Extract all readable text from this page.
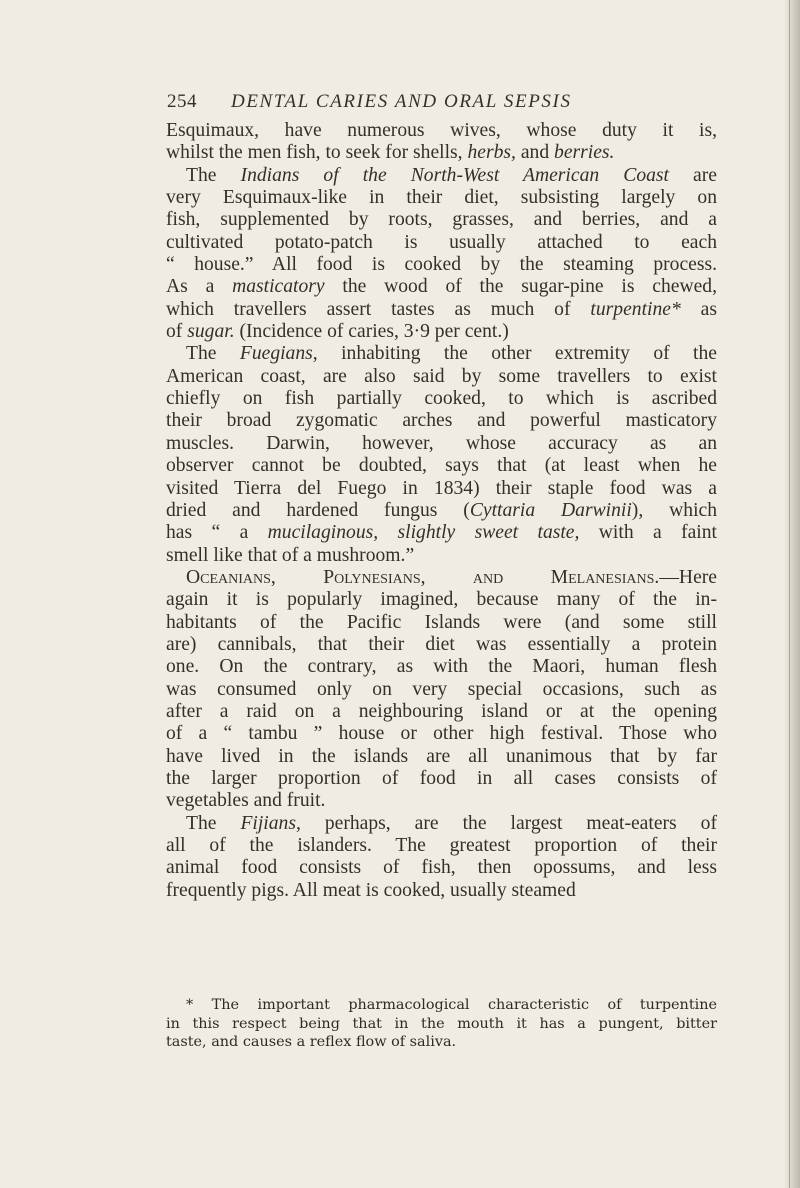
254 DENTAL CARIES AND ORAL SEPSIS
Esquimaux, have numerous wives, whose duty it is,
whilst the men fish, to seek for shells, herbs, and berries.
The Indians of the North-West American Coast are
very Esquimaux-like in their diet, subsisting largely on
fish, supplemented by roots, grasses, and berries, and a
cultivated potato-patch is usually attached to each
“ house.” All food is cooked by the steaming process.
As a masticatory the wood of the sugar-pine is chewed,
which travellers assert tastes as much of turpentine* as
of sugar. (Incidence of caries, 3·9 per cent.)
The Fuegians, inhabiting the other extremity of the
American coast, are also said by some travellers to exist
chiefly on fish partially cooked, to which is ascribed
their broad zygomatic arches and powerful masticatory
muscles. Darwin, however, whose accuracy as an
observer cannot be doubted, says that (at least when he
visited Tierra del Fuego in 1834) their staple food was a
dried and hardened fungus (Cyttaria Darwinii), which
has “ a mucilaginous, slightly sweet taste, with a faint
smell like that of a mushroom.”
Oceanians, Polynesians, and Melanesians.—Here
again it is popularly imagined, because many of the in-
habitants of the Pacific Islands were (and some still
are) cannibals, that their diet was essentially a protein
one. On the contrary, as with the Maori, human flesh
was consumed only on very special occasions, such as
after a raid on a neighbouring island or at the opening
of a “ tambu ” house or other high festival. Those who
have lived in the islands are all unanimous that by far
the larger proportion of food in all cases consists of
vegetables and fruit.
The Fijians, perhaps, are the largest meat-eaters of
all of the islanders. The greatest proportion of their
animal food consists of fish, then opossums, and less
frequently pigs. All meat is cooked, usually steamed
* The important pharmacological characteristic of turpentine
in this respect being that in the mouth it has a pungent, bitter
taste, and causes a reflex flow of saliva.
